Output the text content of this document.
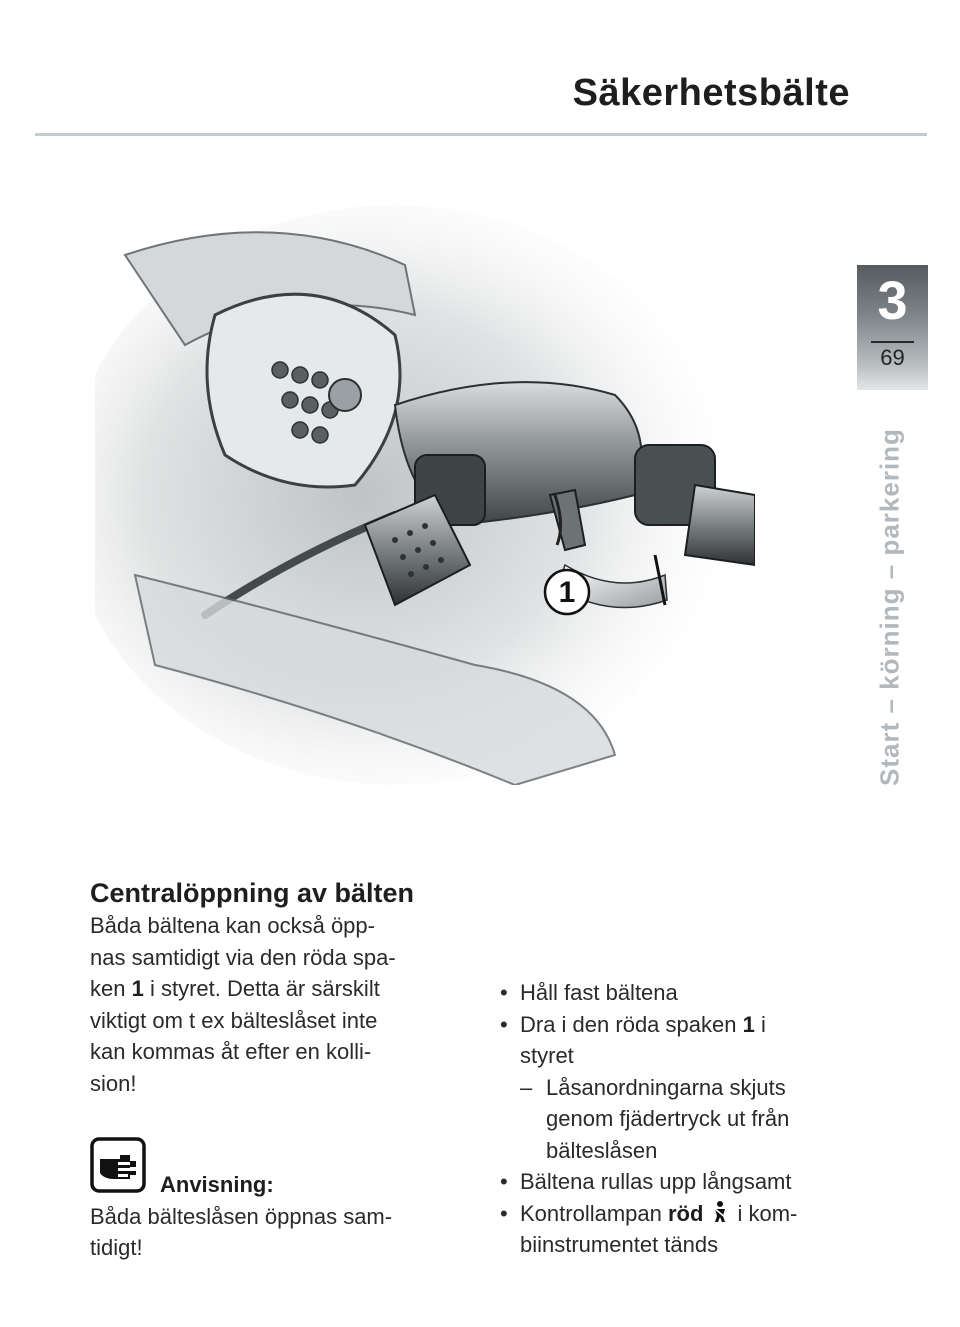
Säkerhetsbälte
3
69
Start – körning – parkering
1
Centralöppning av bälten

Båda bältena kan också öpp-

nas samtidigt via den röda spa-

ken 1 i styret. Detta är särskilt

viktigt om t ex bälteslåset inte

kan kommas åt efter en kolli-

sion!

Anvisning:
Båda bälteslåsen öppnas sam-
tidigt!
• Håll fast bältena
• Dra i den röda spaken 1 i
styret
– Låsanordningarna skjuts
genom fjädertryck ut från
bälteslåsen
• Bältena rullas upp långsamt
• Kontrollampan röd i kom-
biinstrumentet tänds
